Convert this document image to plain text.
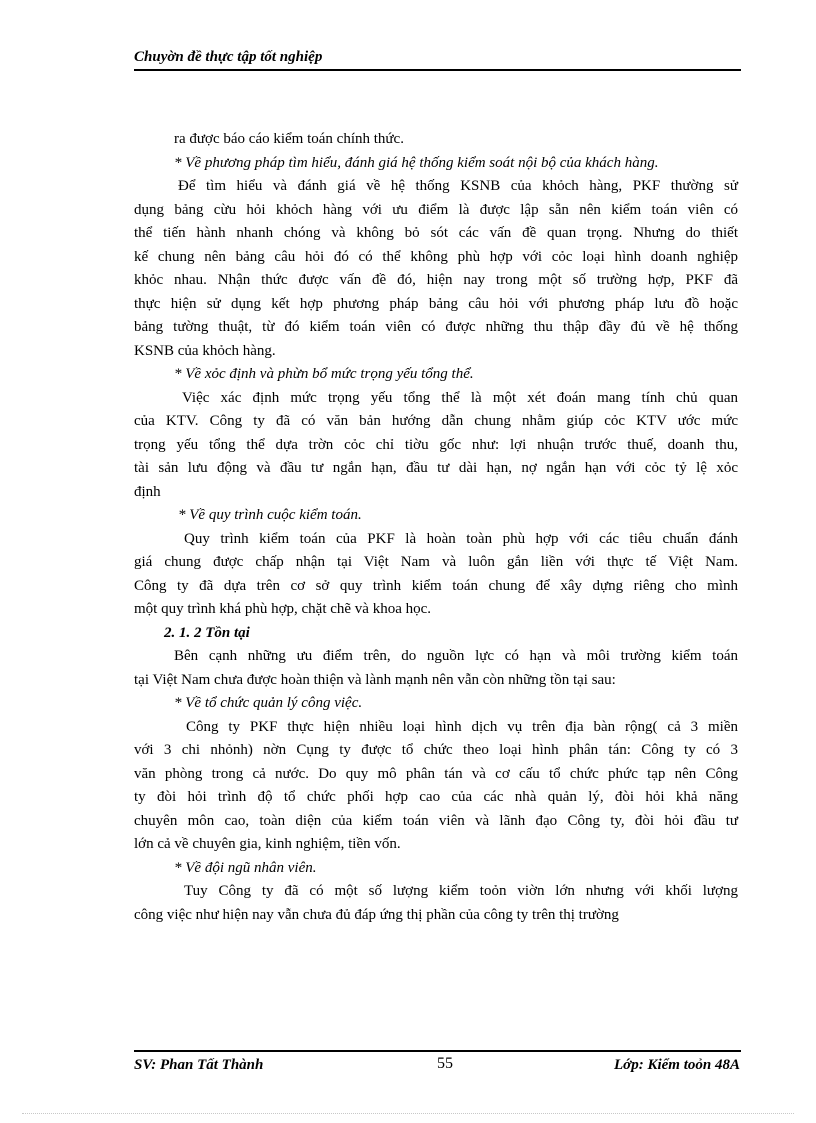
Chuyờn đề thực tập tốt nghiệp
ra được báo cáo kiểm toán chính thức.
* Về phương pháp tìm hiểu, đánh giá hệ thống kiểm soát nội bộ của khách hàng.
Để tìm hiểu và đánh giá về hệ thống KSNB của khỏch hàng, PKF thường sử
dụng bảng cừu hỏi khỏch hàng với ưu điểm là được lập sẵn nên kiểm toán viên có
thể tiến hành nhanh chóng và không bỏ sót các vấn đề quan trọng. Nhưng do thiết
kế chung nên bảng câu hỏi đó có thể không phù hợp với cỏc loại hình doanh nghiệp
khỏc nhau. Nhận thức được vấn đề đó, hiện nay trong một số trường hợp, PKF đã
thực hiện sử dụng kết hợp phương pháp bảng câu hỏi với phương pháp lưu đồ hoặc
bảng tường thuật, từ đó kiểm toán viên có được những thu thập đầy đủ về hệ thống
KSNB của khỏch hàng.
* Về xỏc định và phừn bổ mức trọng yếu tổng thể.
Việc xác định mức trọng yếu tổng thể là một xét đoán mang tính chủ quan
của KTV. Công ty đã có văn bản hướng dẫn chung nhằm giúp cỏc KTV ước mức
trọng yếu tổng thể dựa trờn cỏc chỉ tiờu gốc như: lợi nhuận trước thuế, doanh thu,
tài sản lưu động và đầu tư ngắn hạn, đầu tư dài hạn, nợ ngắn hạn với cỏc tỷ lệ xỏc
định
* Về quy trình cuộc kiểm toán.
Quy trình kiểm toán của PKF là hoàn toàn phù hợp với các tiêu chuẩn đánh
giá chung được chấp nhận tại Việt Nam và luôn gắn liền với thực tế Việt Nam.
Công ty đã dựa trên cơ sở quy trình kiểm toán chung để xây dựng riêng cho mình
một quy trình khá phù hợp, chặt chẽ và khoa học.
2. 1. 2 Tồn tại
Bên cạnh những ưu điểm trên, do nguồn lực có hạn và môi trường kiểm toán
tại Việt Nam chưa được hoàn thiện và lành mạnh nên vẫn còn những tồn tại sau:
* Về tổ chức quản lý công việc.
Công ty PKF thực hiện nhiều loại hình dịch vụ trên địa bàn rộng( cả 3 miền
với 3 chi nhỏnh) nờn Cụng ty được tổ chức theo loại hình phân tán: Công ty có 3
văn phòng trong cả nước. Do quy mô phân tán và cơ cấu tổ chức phức tạp nên Công
ty đòi hỏi trình độ tổ chức phối hợp cao của các nhà quản lý, đòi hỏi khả năng
chuyên môn cao, toàn diện của kiểm toán viên và lãnh đạo Công ty, đòi hỏi đầu tư
lớn cả về chuyên gia, kinh nghiệm, tiền vốn.
* Về đội ngũ nhân viên.
Tuy Công ty đã có một số lượng kiểm toỏn viờn lớn nhưng với khối lượng
công việc như hiện nay vẫn chưa đủ đáp ứng thị phần của công ty trên thị trường
SV: Phan Tất Thành	55	Lớp: Kiểm toỏn 48A
